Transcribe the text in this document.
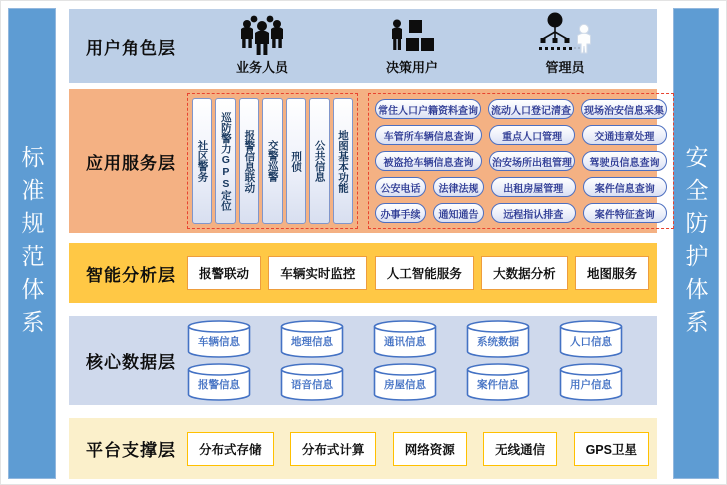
标准规范体系	安全防护体系
用户角色层
业务人员	决策用户	管理员
应用服务层	社区警务	巡防警力GPS定位	报警信息联动	交警巡警	刑侦	公共信息	地图基本功能
常住人口户籍资料查询	流动人口登记清查	现场治安信息采集
车管所车辆信息查询	重点人口管理	交通违章处理
被盗抢车辆信息查询	治安场所出租管理	驾驶员信息查询
公安电话	法律法规	出租房屋管理	案件信息查询
办事手续	通知通告	远程指认排查	案件特征查询
智能分析层	报警联动	车辆实时监控	人工智能服务	大数据分析	地图服务
核心数据层
车辆信息	地理信息	通讯信息	系统数据	人口信息
报警信息	语音信息	房屋信息	案件信息	用户信息
平台支撑层	分布式存储	分布式计算	网络资源	无线通信	GPS卫星
